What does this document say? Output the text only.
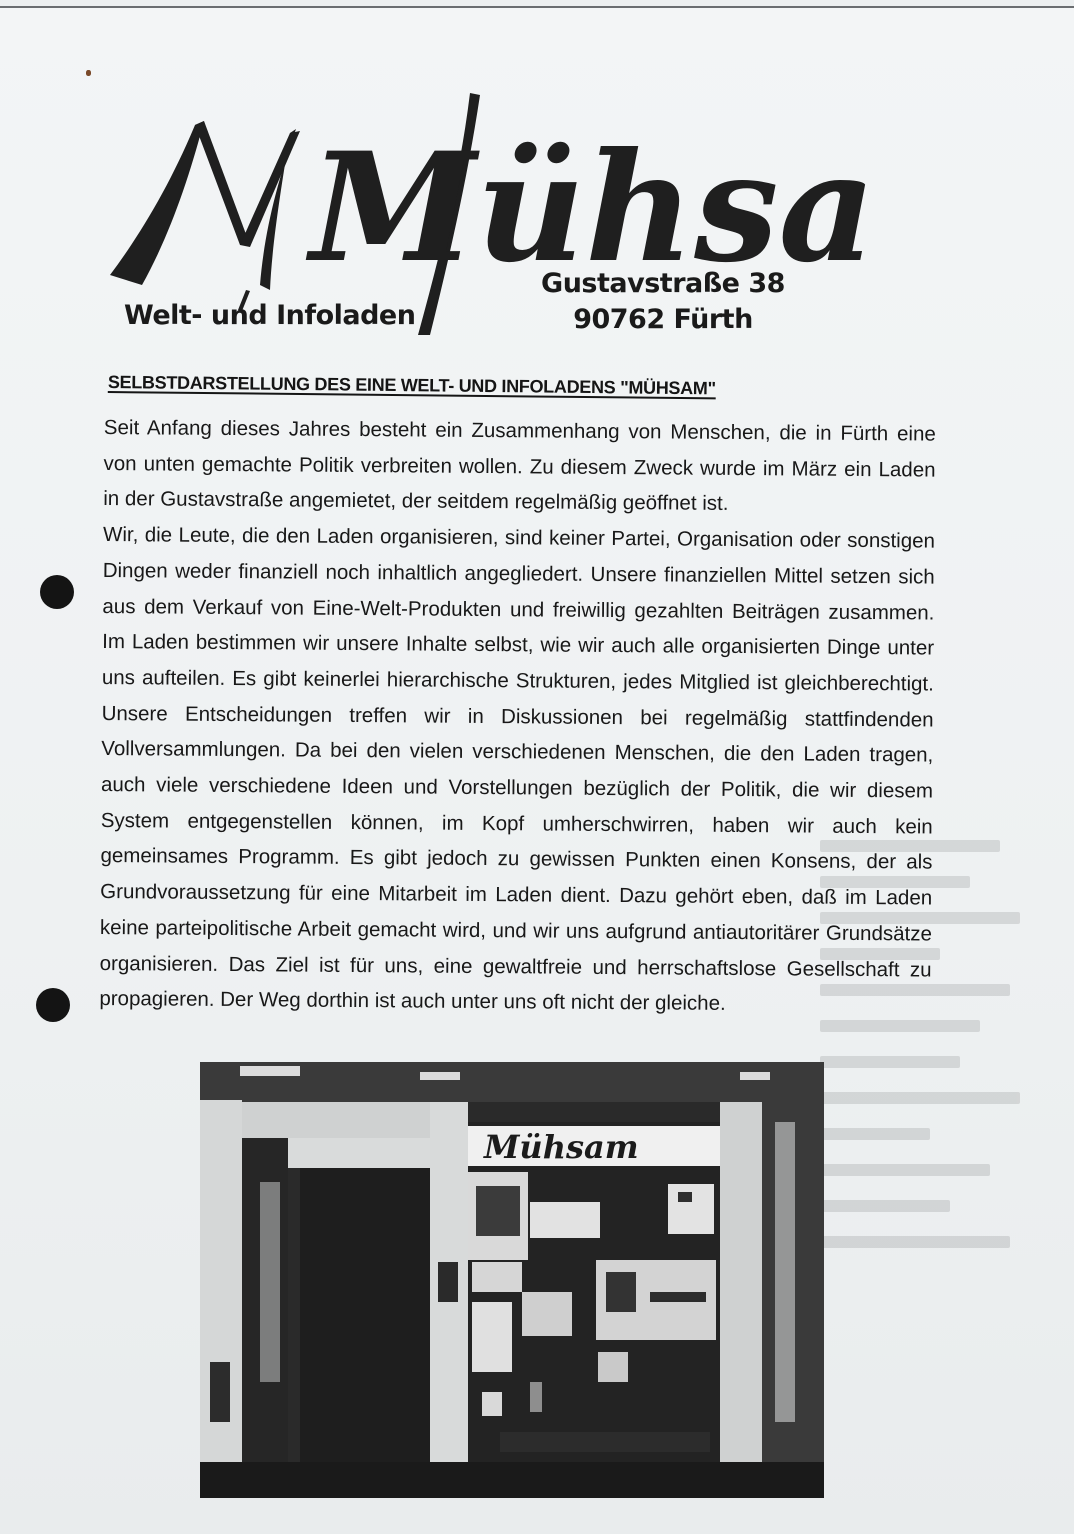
Mühsa
Welt- und Infoladen
Gustavstraße 38
90762 Fürth
SELBSTDARSTELLUNG DES EINE WELT- UND INFOLADENS "MÜHSAM"

Seit Anfang dieses Jahres besteht ein Zusammenhang von Menschen, die in Fürth eine von unten gemachte Politik verbreiten wollen. Zu diesem Zweck wurde im März ein Laden in der Gustavstraße angemietet, der seitdem regelmäßig geöffnet ist.

Wir, die Leute, die den Laden organisieren, sind keiner Partei, Organisation oder sonstigen Dingen weder finanziell noch inhaltlich angegliedert. Unsere finanziellen Mittel setzen sich aus dem Verkauf von Eine-Welt-Produkten und freiwillig gezahlten Beiträgen zusammen. Im Laden bestimmen wir unsere Inhalte selbst, wie wir auch alle organisierten Dinge unter uns aufteilen. Es gibt keinerlei hierarchische Strukturen, jedes Mitglied ist gleichberechtigt. Unsere Entscheidungen treffen wir in Diskussionen bei regelmäßig stattfindenden Vollversammlungen. Da bei den vielen verschiedenen Menschen, die den Laden tragen, auch viele verschiedene Ideen und Vorstellungen bezüglich der Politik, die wir diesem System entgegenstellen können, im Kopf umherschwirren, haben wir auch kein gemeinsames Programm. Es gibt jedoch zu gewissen Punkten einen Konsens, der als Grundvoraussetzung für eine Mitarbeit im Laden dient. Dazu gehört eben, daß im Laden keine parteipolitische Arbeit gemacht wird, und wir uns aufgrund antiautoritärer Grundsätze organisieren. Das Ziel ist für uns, eine gewaltfreie und herrschaftslose Gesellschaft zu propagieren. Der Weg dorthin ist auch unter uns oft nicht der gleiche.

Mühsam
